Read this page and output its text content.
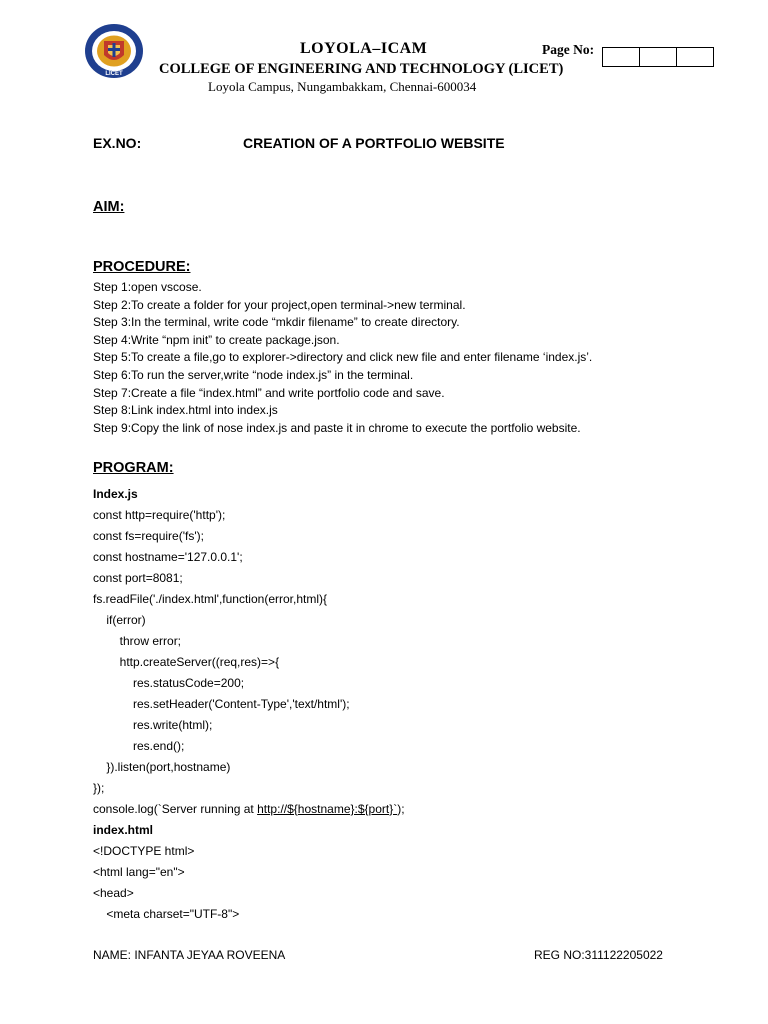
LICET
LOYOLA–ICAM
COLLEGE OF ENGINEERING AND TECHNOLOGY (LICET)
Loyola Campus, Nungambakkam, Chennai-600034
Page No:
EX.NO:	CREATION OF A PORTFOLIO WEBSITE
AIM:
PROCEDURE:
Step 1:open vscose.
Step 2:To create a folder for your project,open terminal->new terminal.
Step 3:In the terminal, write code “mkdir filename” to create directory.
Step 4:Write “npm init” to create package.json.
Step 5:To create a file,go to explorer->directory and click new file and enter filename ‘index.js’.
Step 6:To run the server,write “node index.js” in the terminal.
Step 7:Create a file “index.html” and write portfolio code and save.
Step 8:Link index.html into index.js
Step 9:Copy the link of nose index.js and paste it in chrome to execute the portfolio website.
PROGRAM:
Index.js
const http=require('http');
const fs=require('fs');
const hostname='127.0.0.1';
const port=8081;
fs.readFile('./index.html',function(error,html){
if(error)
throw error;
http.createServer((req,res)=>{
res.statusCode=200;
res.setHeader('Content-Type','text/html');
res.write(html);
res.end();
}).listen(port,hostname)
});
console.log(`Server running at http://${hostname}:${port}`);
index.html
<!DOCTYPE html>
<html lang="en">
<head>
<meta charset="UTF-8">
NAME: INFANTA JEYAA ROVEENA	REG NO:311122205022
